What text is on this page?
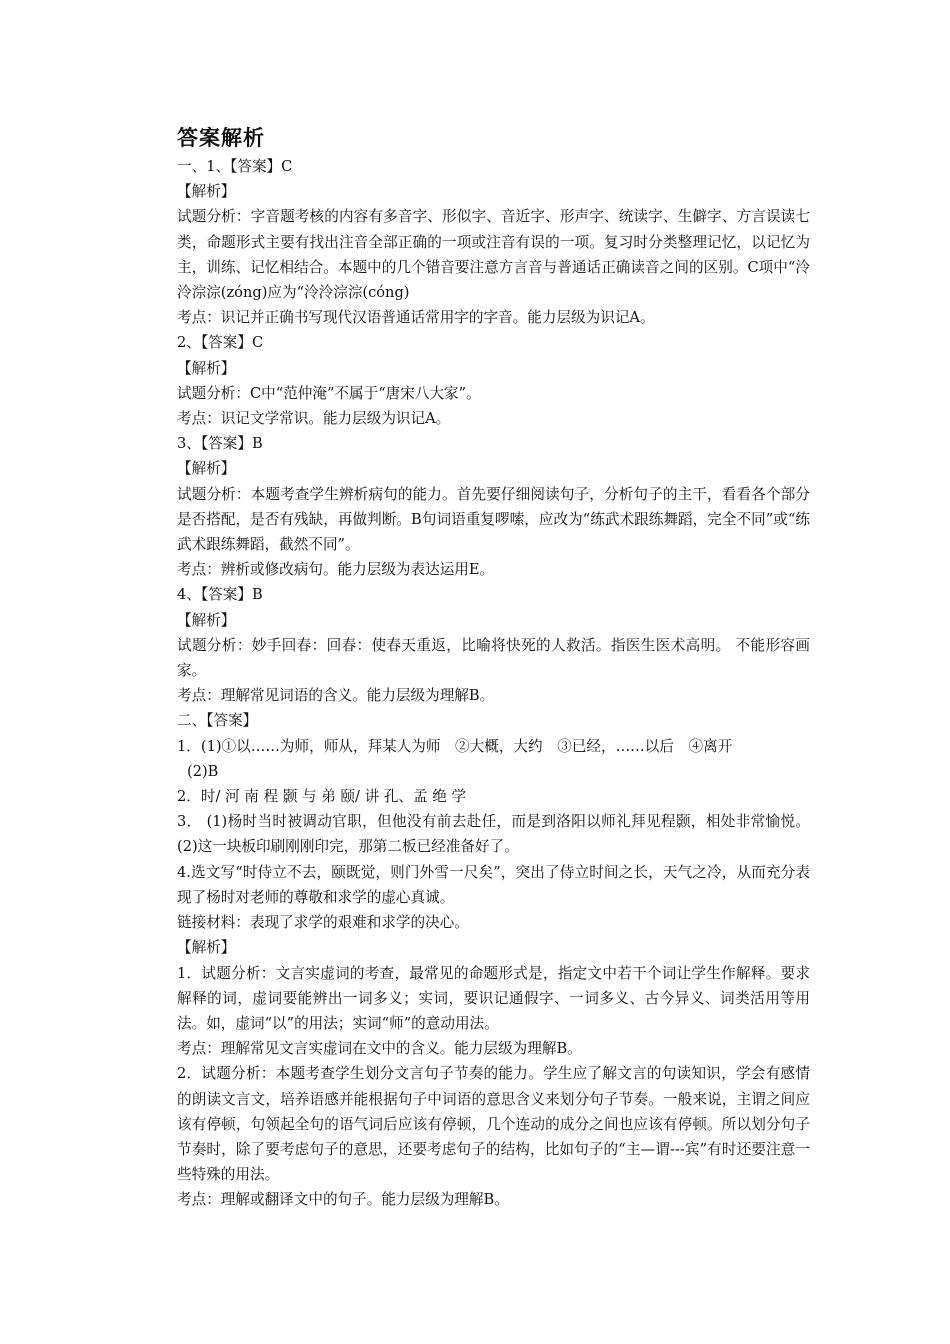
答案解析

一、1、【答案】C

【解析】

试题分析：字音题考核的内容有多音字、形似字、音近字、形声字、统读字、生僻字、方言误读七类，命题形式主要有找出注音全部正确的一项或注音有误的一项。复习时分类整理记忆，以记忆为主，训练、记忆相结合。本题中的几个错音要注意方言音与普通话正确读音之间的区别。C项中“泠泠淙淙(zóng)应为“泠泠淙淙(cóng)

考点：识记并正确书写现代汉语普通话常用字的字音。能力层级为识记A。

2、【答案】C

【解析】

试题分析：C中“范仲淹”不属于“唐宋八大家”。

考点：识记文学常识。能力层级为识记A。

3、【答案】B

【解析】

试题分析：本题考查学生辨析病句的能力。首先要仔细阅读句子，分析句子的主干，看看各个部分是否搭配，是否有残缺，再做判断。B句词语重复啰嗦，应改为“练武术跟练舞蹈，完全不同”或“练武术跟练舞蹈，截然不同”。

考点：辨析或修改病句。能力层级为表达运用E。

4、【答案】B

【解析】

试题分析：妙手回春：回春：使春天重返，比喻将快死的人救活。指医生医术高明。 不能形容画家。

考点：理解常见词语的含义。能力层级为理解B。

二、【答案】

1．(1)①以……为师，师从，拜某人为师　②大概，大约　③已经，……以后　④离开

(2)B

2．时/ 河 南 程 颢 与 弟 颐/ 讲 孔、孟 绝 学

3． (1)杨时当时被调动官职，但他没有前去赴任，而是到洛阳以师礼拜见程颢，相处非常愉悦。(2)这一块板印刷刚刚印完，那第二板已经准备好了。

4.选文写“时侍立不去，颐既觉，则门外雪一尺矣”，突出了侍立时间之长，天气之冷，从而充分表现了杨时对老师的尊敬和求学的虚心真诚。

链接材料：表现了求学的艰难和求学的决心。

【解析】

1．试题分析：文言实虚词的考查，最常见的命题形式是，指定文中若干个词让学生作解释。要求解释的词，虚词要能辨出一词多义；实词，要识记通假字、一词多义、古今异义、词类活用等用法。如，虚词“以”的用法；实词“师”的意动用法。

考点：理解常见文言实虚词在文中的含义。能力层级为理解B。

2．试题分析：本题考查学生划分文言句子节奏的能力。学生应了解文言的句读知识，学会有感情的朗读文言文，培养语感并能根据句子中词语的意思含义来划分句子节奏。一般来说，主谓之间应该有停顿，句领起全句的语气词后应该有停顿，几个连动的成分之间也应该有停顿。所以划分句子节奏时，除了要考虑句子的意思，还要考虑句子的结构，比如句子的“主—谓---宾”有时还要注意一些特殊的用法。

考点：理解或翻译文中的句子。能力层级为理解B。
